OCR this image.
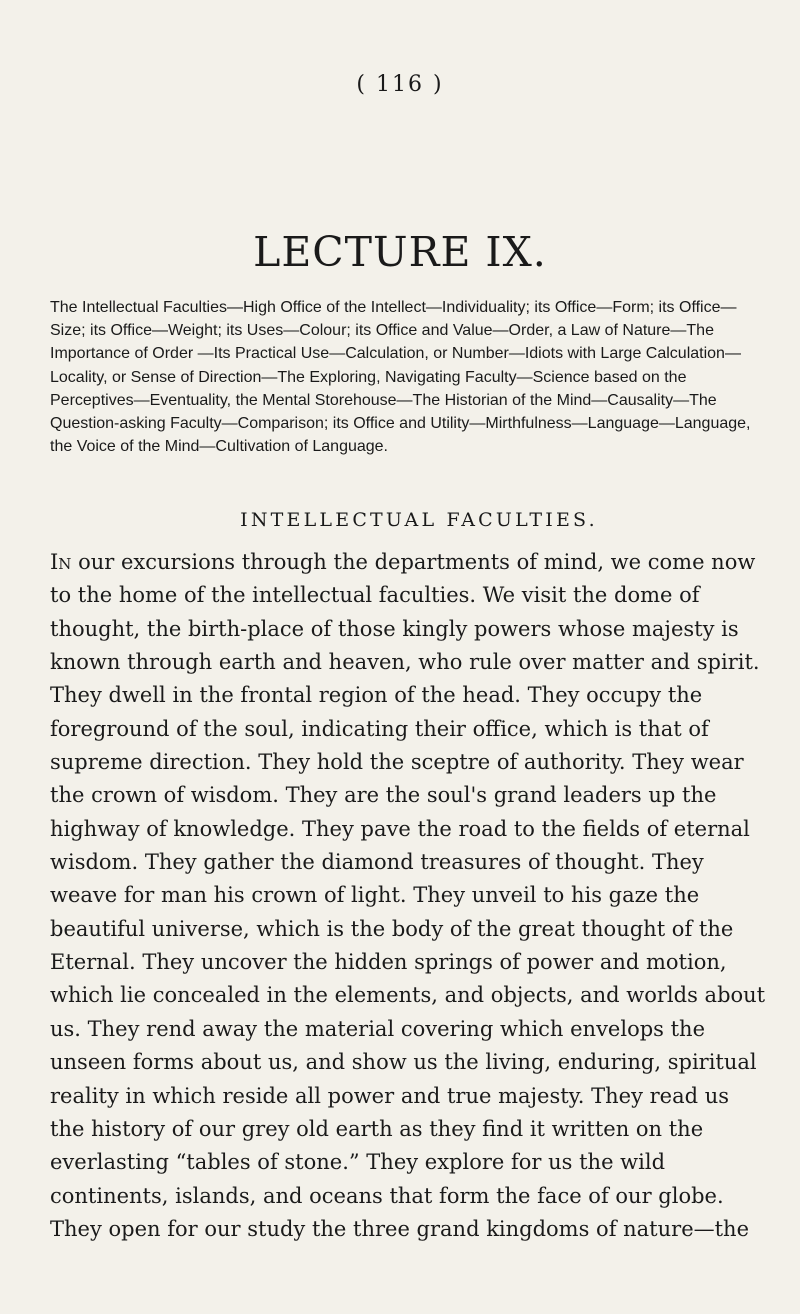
( 116 )
LECTURE IX.

The Intellectual Faculties—High Office of the Intellect—Individuality; its Office—Form; its Office—Size; its Office—Weight; its Uses—Colour; its Office and Value—Order, a Law of Nature—The Importance of Order —Its Practical Use—Calculation, or Number—Idiots with Large Calculation—Locality, or Sense of Direction—The Exploring, Navigating Faculty—Science based on the Perceptives—Eventuality, the Mental Storehouse—The Historian of the Mind—Causality—The Question-asking Faculty—Comparison; its Office and Utility—Mirthfulness—Language—Language, the Voice of the Mind—Cultivation of Language.

INTELLECTUAL FACULTIES.

In our excursions through the departments of mind, we come now to the home of the intellectual faculties. We visit the dome of thought, the birth-place of those kingly powers whose majesty is known through earth and heaven, who rule over matter and spirit. They dwell in the frontal region of the head. They occupy the foreground of the soul, indicating their office, which is that of supreme direction. They hold the sceptre of authority. They wear the crown of wisdom. They are the soul's grand leaders up the highway of knowledge. They pave the road to the fields of eternal wisdom. They gather the diamond treasures of thought. They weave for man his crown of light. They unveil to his gaze the beautiful universe, which is the body of the great thought of the Eternal. They uncover the hidden springs of power and motion, which lie concealed in the elements, and objects, and worlds about us. They rend away the material covering which envelops the unseen forms about us, and show us the living, enduring, spiritual reality in which reside all power and true majesty. They read us the history of our grey old earth as they find it written on the everlasting “tables of stone.” They explore for us the wild continents, islands, and oceans that form the face of our globe. They open for our study the three grand kingdoms of nature—the
